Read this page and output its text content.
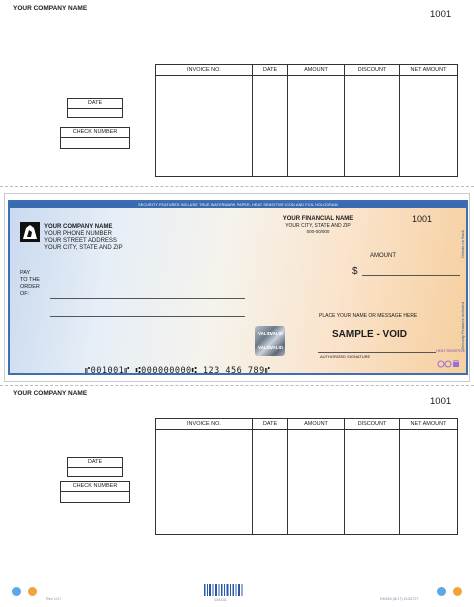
YOUR COMPANY NAME
1001
INVOICE NO.	DATE	AMOUNT	DISCOUNT	NET AMOUNT

DATE
CHECK NUMBER
SECURITY FEATURES INCLUDE TRUE WATERMARK PAPER, HEAT SENSITIVE ICON AND FOIL HOLOGRAM
YOUR COMPANY NAME
YOUR PHONE NUMBER
YOUR STREET ADDRESS
YOUR CITY, STATE AND ZIP
YOUR FINANCIAL NAME
YOUR CITY, STATE AND ZIP
000-00/000
1001
AMOUNT
$
PAY
TO THE
ORDER
OF:
VALID
VALID
VALID
VALID
PLACE YOUR NAME OR MESSAGE HERE
SAMPLE - VOID
AUTHORIZED SIGNATURE
HEAT SENSITIVE
Details on Back
Security Features Included
⑈001001⑈ ⑆000000000⑆ 123 456 789⑈
YOUR COMPANY NAME
1001
INVOICE NO.	DATE	AMOUNT	DISCOUNT	NET AMOUNT

DATE
CHECK NUMBER
Rev 1/17	134431	DK455 (8/17) 2133727
